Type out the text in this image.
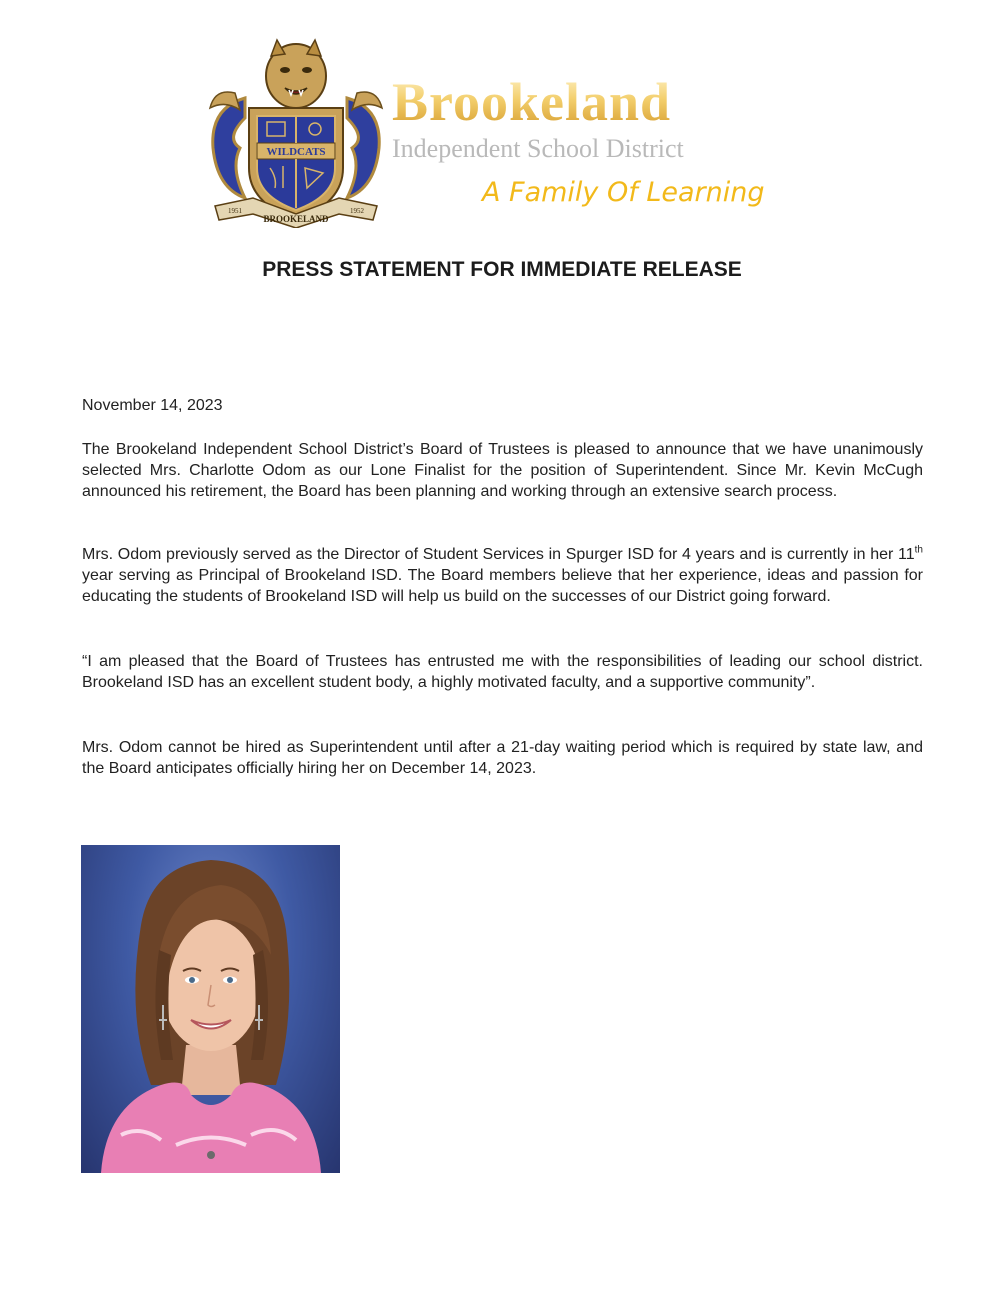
WILDCATS
BROOKELAND
1951	1952
Brookeland
Independent School District
A Family Of Learning
PRESS STATEMENT FOR IMMEDIATE RELEASE
November 14, 2023

The Brookeland Independent School District’s Board of Trustees is pleased to announce that we have unanimously selected Mrs. Charlotte Odom as our Lone Finalist for the position of Superintendent. Since Mr. Kevin McCugh announced his retirement, the Board has been planning and working through an extensive search process.

Mrs. Odom previously served as the Director of Student Services in Spurger ISD for 4 years and is currently in her 11th year serving as Principal of Brookeland ISD. The Board members believe that her experience, ideas and passion for educating the students of Brookeland ISD will help us build on the successes of our District going forward.

“I am pleased that the Board of Trustees has entrusted me with the responsibilities of leading our school district. Brookeland ISD has an excellent student body, a highly motivated faculty, and a supportive community”.

Mrs. Odom cannot be hired as Superintendent until after a 21-day waiting period which is required by state law, and the Board anticipates officially hiring her on December 14, 2023.
